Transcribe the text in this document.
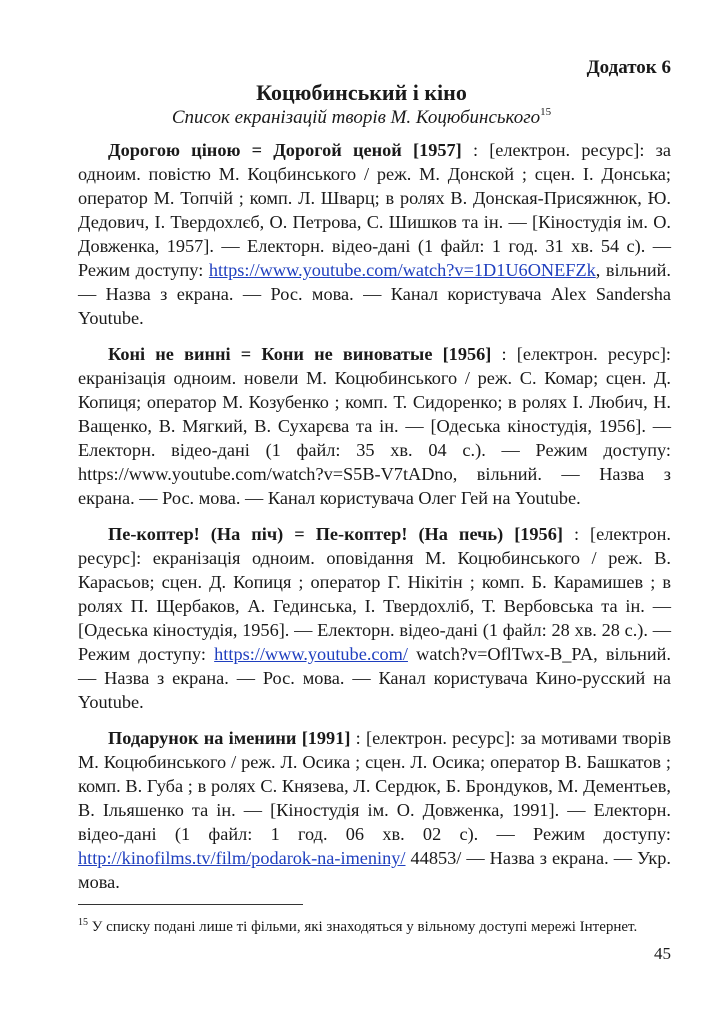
Додаток 6
Коцюбинський і кіно
Список екранізацій творів М. Коцюбинського$^{15}$

Дорогою ціною = Дорогой ценой [1957] : [електрон. ресурс]: за одноим. повістю М. Коцбинського / реж. М. Донской ; сцен. І. Донська; оператор М. Топчій ; комп. Л. Шварц; в ролях В. Донская-Присяжнюк, Ю. Дедович, І. Твердохлєб, О. Петрова, С. Шишков та ін. — [Кіностудія ім. О. Довженка, 1957]. — Електорн. відео-дані (1 файл: 1 год. 31 хв. 54 с). — Режим доступу: https://www.youtube.com/watch?v=1D1U6ONEFZk, вільний. — Назва з екрана. — Рос. мова. — Канал користувача Alex Sandersha Youtube.

Коні не винні = Кони не виноватые [1956] : [електрон. ресурс]: екранізація одноим. новели М. Коцюбинського / реж. С. Комар; сцен. Д. Копиця; оператор М. Козубенко ; комп. Т. Сидоренко; в ролях І. Любич, Н. Ващенко, В. Мягкий, В. Сухарєва та ін. — [Одеська кіностудія, 1956]. — Електорн. відео-дані (1 файл: 35 хв. 04 с.). — Режим доступу: https://www.youtube.com/watch?v=S5B-V7tADno, вільний. — Назва з екрана. — Рос. мова. — Канал користувача Олег Гей на Youtube.

Пе-коптер! (На піч) = Пе-коптер! (На печь) [1956] : [електрон. ресурс]: екранізація одноим. оповідання М. Коцюбинського / реж. В. Карасьов; сцен. Д. Копиця ; оператор Г. Нікітін ; комп. Б. Карамишев ; в ролях П. Щербаков, А. Гединська, І. Твердохліб, Т. Вербовська та ін. — [Одеська кіностудія, 1956]. — Електорн. відео-дані (1 файл: 28 хв. 28 с.). — Режим доступу: https://www.youtube.com/ watch?v=OflTwx-B_PA, вільний. — Назва з екрана. — Рос. мова. — Канал користувача Кино-русский на Youtube.

Подарунок на іменини [1991] : [електрон. ресурс]: за мотивами творів М. Коцюбинського / реж. Л. Осика ; сцен. Л. Осика; оператор В. Башкатов ; комп. В. Губа ; в ролях С. Князева, Л. Сердюк, Б. Брондуков, М. Дементьев, В. Ільяшенко та ін. — [Кіностудія ім. О. Довженка, 1991]. — Електорн. відео-дані (1 файл: 1 год. 06 хв. 02 с). — Режим доступу: http://kinofilms.tv/film/podarok-na-imeniny/ 44853/ — Назва з екрана. — Укр. мова.

$^{15}$ У списку подані лише ті фільми, які знаходяться у вільному доступі мережі Інтернет.
45
